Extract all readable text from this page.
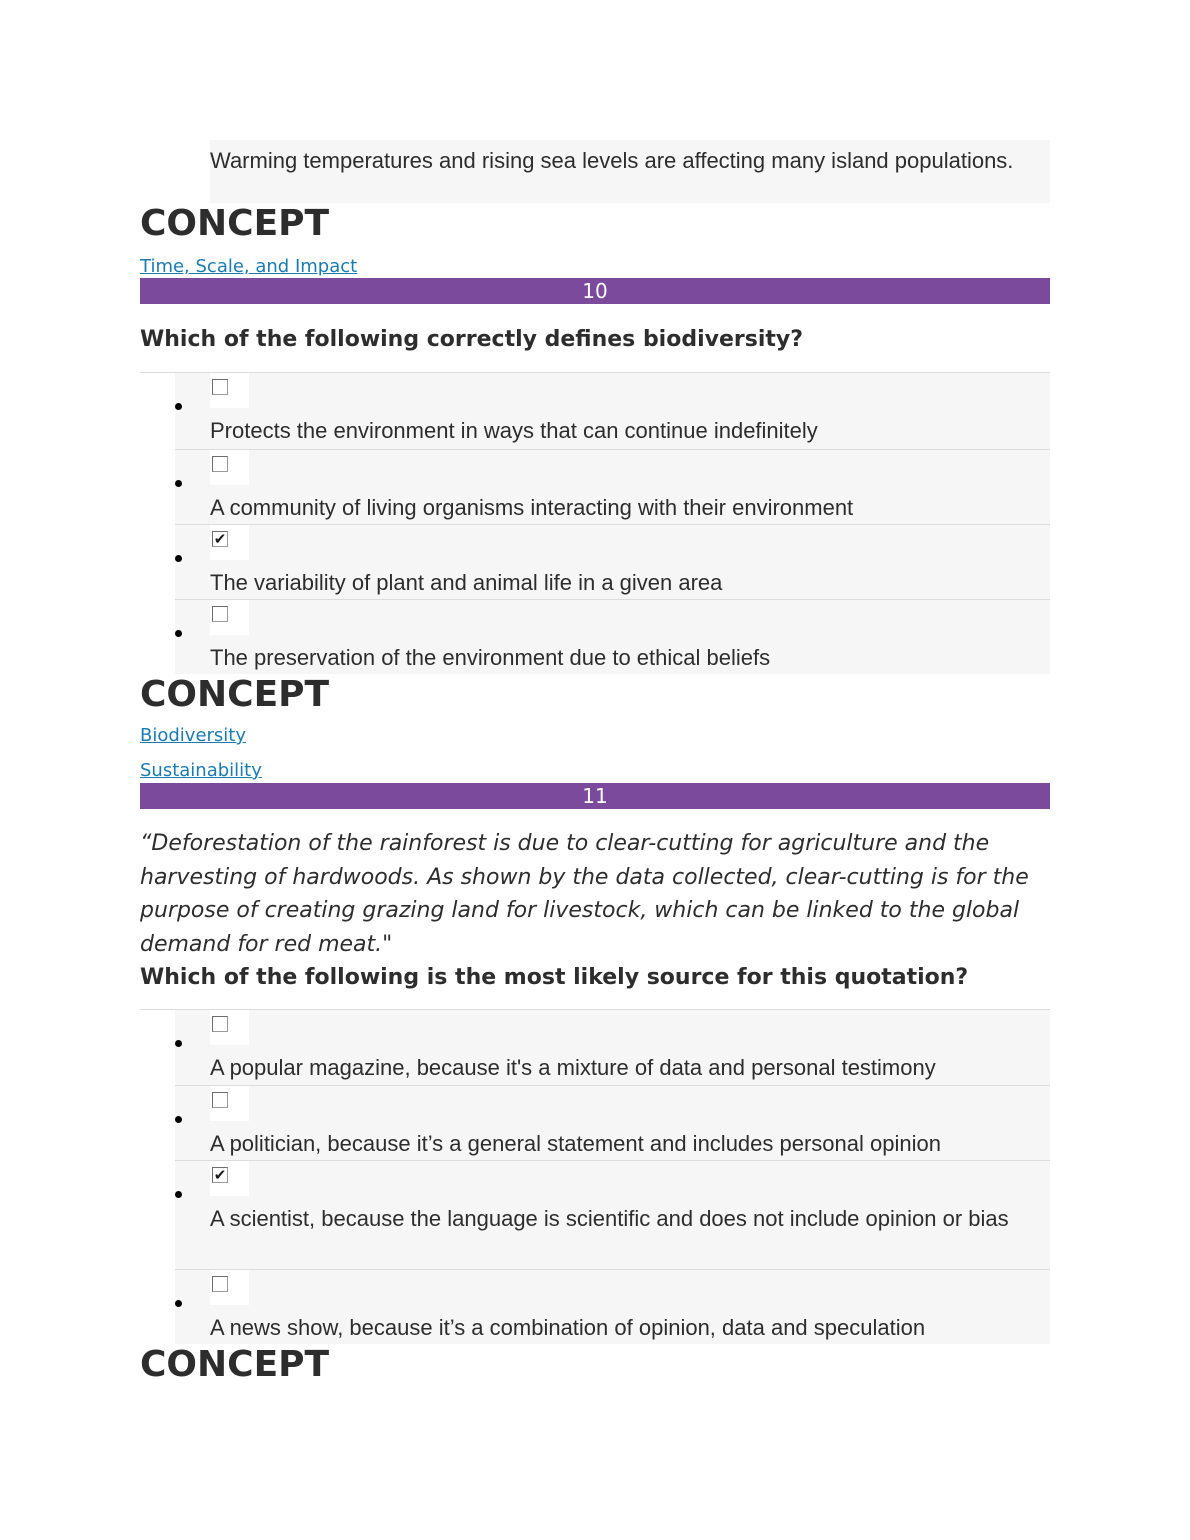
Warming temperatures and rising sea levels are affecting many island populations.
CONCEPT
Time, Scale, and Impact
10

Which of the following correctly defines biodiversity?

Protects the environment in ways that can continue indefinitely
A community of living organisms interacting with their environment
✔
The variability of plant and animal life in a given area
The preservation of the environment due to ethical beliefs
CONCEPT
Biodiversity
Sustainability
11

“Deforestation of the rainforest is due to clear-cutting for agriculture and the harvesting of hardwoods. As shown by the data collected, clear-cutting is for the purpose of creating grazing land for livestock, which can be linked to the global demand for red meat."

Which of the following is the most likely source for this quotation?

A popular magazine, because it's a mixture of data and personal testimony
A politician, because it’s a general statement and includes personal opinion
✔
A scientist, because the language is scientific and does not include opinion or bias
A news show, because it’s a combination of opinion, data and speculation
CONCEPT
